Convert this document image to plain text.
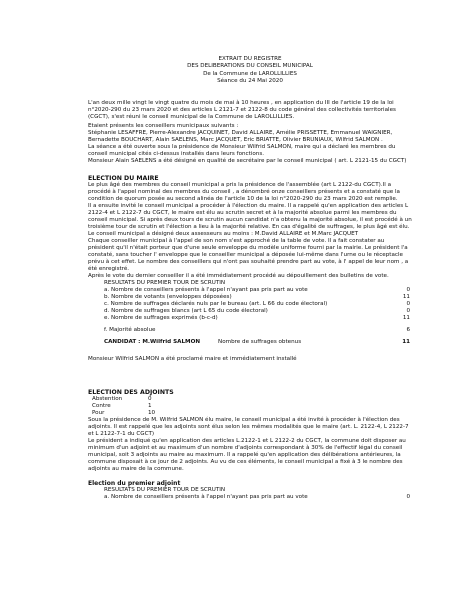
EXTRAIT DU REGISTRE
DES DELIBERATIONS DU CONSEIL MUNICIPAL
De la Commune de LAROLLILLIES
Séance du 24 Mai 2020

L'an deux mille vingt le vingt quatre du mois de mai à 10 heures , en application du III de l'article 19 de la loi n°2020-290 du 23 mars 2020 et des articles L 2121-7 et 2122-8 du code général des collectivités territoriales (CGCT), s'est réuni le conseil municipal de la Commune de LAROLLILLIES.

Etaient présents les conseillers municipaux suivants :

Stéphanie LESAFFRE, Pierre-Alexandre JACQUINET, David ALLAIRE, Amélie PRISSETTE, Emmanuel WAIGNIER, Bernadette BOUCHART, Alain SAELENS, Marc JACQUET, Eric BRIATTE, Olivier BRUNIAUX, Wilfrid SALMON .

La séance a été ouverte sous la présidence de Monsieur Wilfrid SALMON, maire qui a déclaré les membres du conseil municipal cités ci-dessus installés dans leurs fonctions.

Monsieur Alain SAELENS a été désigné en qualité de secrétaire par le conseil municipal ( art. L 2121-15 du CGCT)

ELECTION DU MAIRE

Le plus âgé des membres du conseil municipal a pris la présidence de l'assemblée (art L 2122-du CGCT).Il a procédé à l'appel nominal des membres du conseil , a dénombré onze conseillers présents et a constaté que la condition de quorum posée au second alinéa de l'article 10 de la loi n°2020-290 du 23 mars 2020 est remplie.

Il a ensuite invité le conseil municipal a procéder à l'élection du maire. Il a rappelé qu'en application des articles L 2122-4 et L 2122-7 du CGCT, le maire est élu au scrutin secret et à la majorité absolue parmi les membres du conseil municipal. Si après deux tours de scrutin aucun candidat n'a obtenu la majorité absolue, il est procédé à un troisième tour de scrutin et l'élection a lieu à la majorité relative. En cas d'égalité de suffrages, le plus âgé est élu.

Le conseil municipal a désigné deux assesseurs au moins : M.David ALLAIRE et M.Marc JACQUET

Chaque conseiller municipal à l'appel de son nom s'est approché de la table de vote. Il a fait constater au président qu'il n'était porteur que d'une seule enveloppe du modèle uniforme fourni par la mairie. Le président l'a constaté, sans toucher l' enveloppe que le conseiller municipal a déposée lui-même dans l'urne ou le réceptacle prévu à cet effet. Le nombre des conseillers qui n'ont pas souhaité prendre part au vote, à l' appel de leur nom , a été enregistré.

Après le vote du dernier conseiller il a été immédiatement procédé au dépouillement des bulletins de vote.

RESULTATS DU PREMIER TOUR DE SCRUTIN

a. Nombre de conseillers présents à l'appel n'ayant pas pris part au vote	0
b. Nombre de votants (enveloppes déposées)	11
c. Nombre de suffrages déclarés nuls par le bureau (art. L 66 du code électoral)	0
d. Nombre de suffrages blancs (art L 65 du code électoral)	0
e. Nombre de suffrages exprimés (b-c-d)	11
f. Majorité absolue	6
CANDIDAT : M.Wilfrid SALMON	Nombre de suffrages obtenus	11

Monsieur Wilfrid SALMON a été proclamé maire et immédiatement installé

ELECTION DES ADJOINTS
Abstention	0
Contre	1
Pour	10

Sous la présidence de M. Wilfrid SALMON élu maire, le conseil municipal a été invité à procéder à l'élection des adjoints. Il est rappelé que les adjoints sont élus selon les mêmes modalités que le maire (art. L. 2122-4, L 2122-7 et L 2122-7-1 du CGCT)

Le président a indiqué qu'en application des articles L.2122-1 et L 2122-2 du CGCT, la commune doit disposer au minimum d'un adjoint et au maximum d'un nombre d'adjoints correspondant à 30% de l'effectif légal du conseil municipal, soit 3 adjoints au maire au maximum. Il a rappelé qu'en application des délibérations antérieures, la commune disposait à ce jour de 2 adjoints. Au vu de ces éléments, le conseil municipal a fixé à 3 le nombre des adjoints au maire de la commune.

Election du premier adjoint

RESULTATS DU PREMIER TOUR DE SCRUTIN

a. Nombre de conseillers présents à l'appel n'ayant pas pris part au vote	0
